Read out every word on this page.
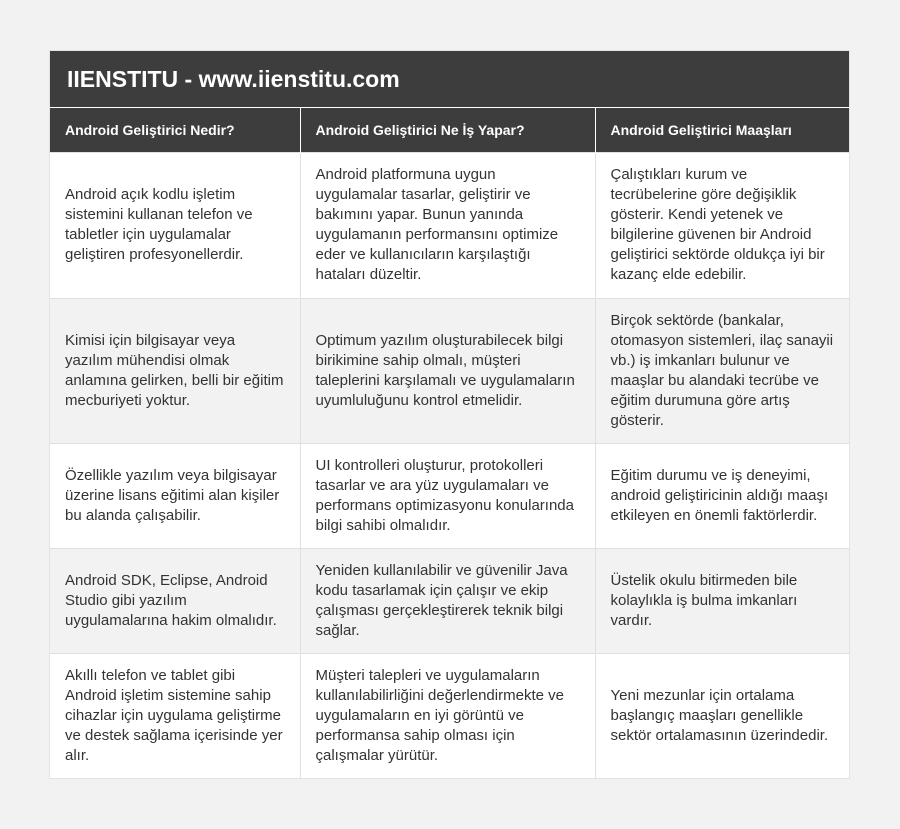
IIENSTITU - www.iienstitu.com
Android Geliştirici Nedir?	Android Geliştirici Ne İş Yapar?	Android Geliştirici Maaşları
Android açık kodlu işletim sistemini kullanan telefon ve tabletler için uygulamalar geliştiren profesyonellerdir.	Android platformuna uygun uygulamalar tasarlar, geliştirir ve bakımını yapar. Bunun yanında uygulamanın performansını optimize eder ve kullanıcıların karşılaştığı hataları düzeltir.	Çalıştıkları kurum ve tecrübelerine göre değişiklik gösterir. Kendi yetenek ve bilgilerine güvenen bir Android geliştirici sektörde oldukça iyi bir kazanç elde edebilir.
Kimisi için bilgisayar veya yazılım mühendisi olmak anlamına gelirken, belli bir eğitim mecburiyeti yoktur.	Optimum yazılım oluşturabilecek bilgi birikimine sahip olmalı, müşteri taleplerini karşılamalı ve uygulamaların uyumluluğunu kontrol etmelidir.	Birçok sektörde (bankalar, otomasyon sistemleri, ilaç sanayii vb.) iş imkanları bulunur ve maaşlar bu alandaki tecrübe ve eğitim durumuna göre artış gösterir.
Özellikle yazılım veya bilgisayar üzerine lisans eğitimi alan kişiler bu alanda çalışabilir.	UI kontrolleri oluşturur, protokolleri tasarlar ve ara yüz uygulamaları ve performans optimizasyonu konularında bilgi sahibi olmalıdır.	Eğitim durumu ve iş deneyimi, android geliştiricinin aldığı maaşı etkileyen en önemli faktörlerdir.
Android SDK, Eclipse, Android Studio gibi yazılım uygulamalarına hakim olmalıdır.	Yeniden kullanılabilir ve güvenilir Java kodu tasarlamak için çalışır ve ekip çalışması gerçekleştirerek teknik bilgi sağlar.	Üstelik okulu bitirmeden bile kolaylıkla iş bulma imkanları vardır.
Akıllı telefon ve tablet gibi Android işletim sistemine sahip cihazlar için uygulama geliştirme ve destek sağlama içerisinde yer alır.	Müşteri talepleri ve uygulamaların kullanılabilirliğini değerlendirmekte ve uygulamaların en iyi görüntü ve performansa sahip olması için çalışmalar yürütür.	Yeni mezunlar için ortalama başlangıç maaşları genellikle sektör ortalamasının üzerindedir.
